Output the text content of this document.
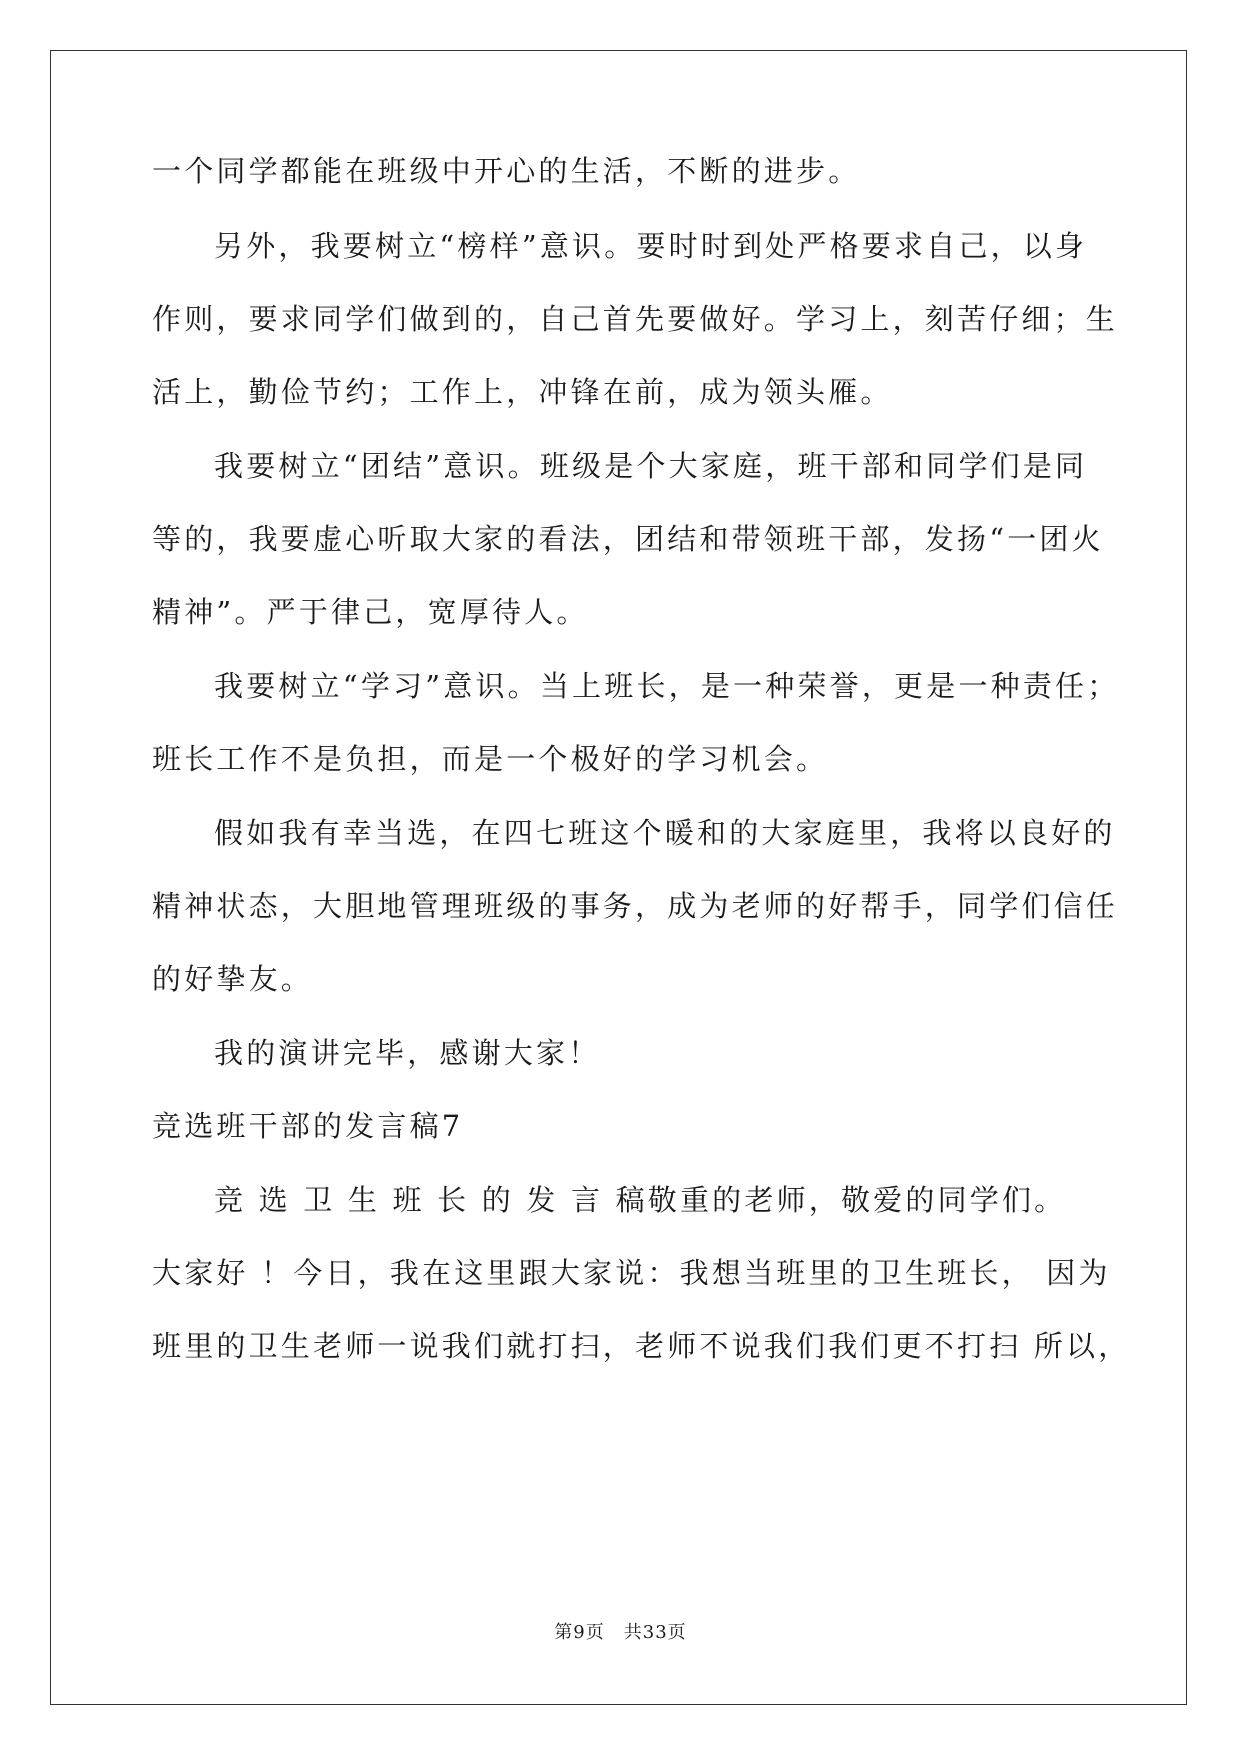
一个同学都能在班级中开心的生活，不断的进步。
另外，我要树立“榜样”意识。要时时到处严格要求自己，以身
作则，要求同学们做到的，自己首先要做好。学习上，刻苦仔细；生
活上，勤俭节约；工作上，冲锋在前，成为领头雁。
我要树立“团结”意识。班级是个大家庭，班干部和同学们是同
等的，我要虚心听取大家的看法，团结和带领班干部，发扬“一团火
精神”。严于律己，宽厚待人。
我要树立“学习”意识。当上班长，是一种荣誉，更是一种责任；
班长工作不是负担，而是一个极好的学习机会。
假如我有幸当选，在四七班这个暖和的大家庭里，我将以良好的
精神状态，大胆地管理班级的事务，成为老师的好帮手，同学们信任
的好挚友。
我的演讲完毕，感谢大家！
竞选班干部的发言稿7
竞 选 卫 生 班 长 的 发 言 稿敬重的老师，敬爱的同学们。
大家好 ！今日，我在这里跟大家说：我想当班里的卫生班长， 因为
班里的卫生老师一说我们就打扫，老师不说我们我们更不打扫 所以，
第9页　共33页
